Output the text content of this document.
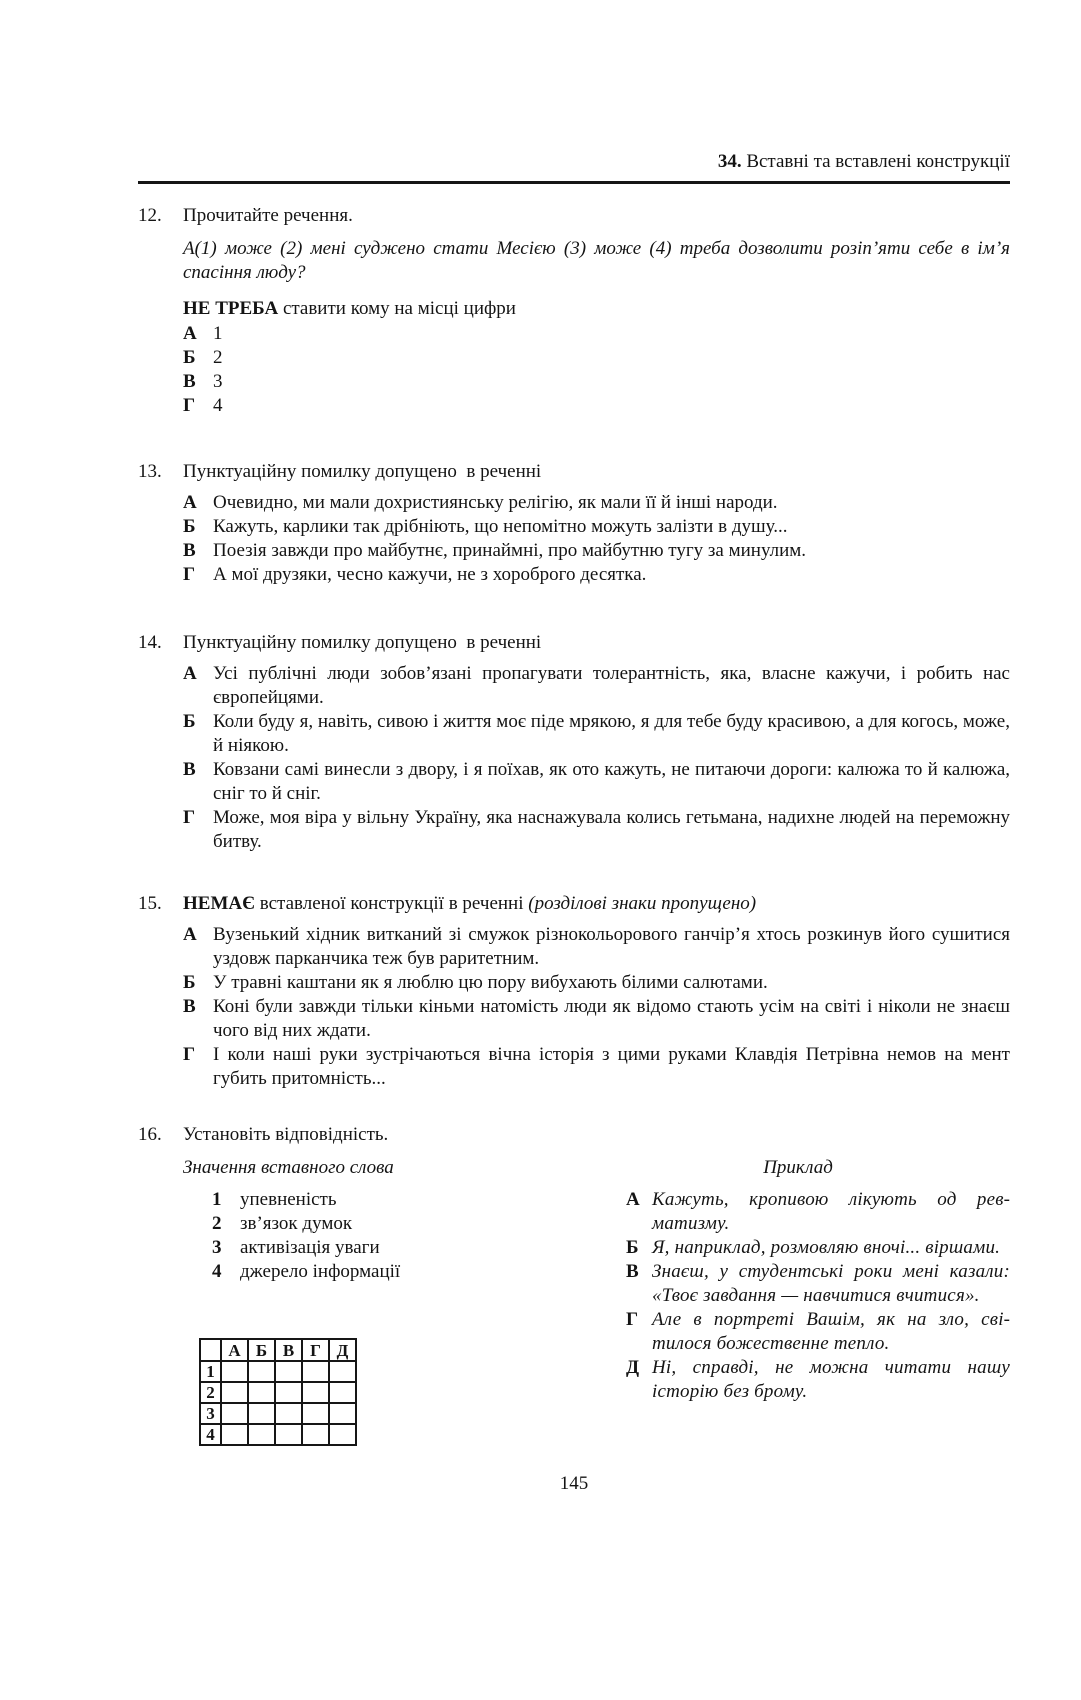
34. Вставні та вставлені конструкції
12.	Прочитайте речення.

А(1) може (2) мені суджено стати Месією (3) може (4) треба дозволити розіп’яти себе в ім’я спасіння люду?

НЕ ТРЕБА ставити кому на місці цифри

А 1
Б 2
В 3
Г 4
13.	Пунктуаційну помилку допущено  в реченні
А Очевидно, ми мали дохристиянську релігію, як мали її й інші народи.
Б Кажуть, карлики так дрібніють, що непомітно можуть залізти в душу...
В Поезія завжди про майбутнє, принаймні, про майбутню тугу за минулим.
Г А мої друзяки, чесно кажучи, не з хороброго десятка.
14.	Пунктуаційну помилку допущено  в реченні
А Усі публічні люди зобов’язані пропагувати толерантність, яка, власне кажучи, і робить нас європейцями.
Б Коли буду я, навіть, сивою і життя моє піде мрякою, я для тебе буду красивою, а для когось, може, й ніякою.
В Ковзани самі винесли з двору, і я поїхав, як ото кажуть, не питаючи дороги: калюжа то й калюжа, сніг то й сніг.
Г Може, моя віра у вільну Україну, яка наснажувала колись гетьмана, надихне людей на переможну битву.
15.	НЕМАЄ вставленої конструкції в реченні (розділові знаки пропущено)
А Вузенький хідник витканий зі смужок різнокольорового ганчір’я хтось розкинув його сушитися уздовж парканчика теж був раритетним.
Б У травні каштани як я люблю цю пору вибухають білими салютами.
В Коні були завжди тільки кіньми натомість люди як відомо стають усім на світі і ніколи не знаєш чого від них ждати.
Г І коли наші руки зустрічаються вічна історія з цими руками Клавдія Петрівна немов на мент губить притомність...
16.	Установіть відповідність.
Значення вставного слова
1 упевненість
2 зв’язок думок
3 активізація уваги
4 джерело інформації
	А	Б	В	Г	Д
1					
2					
3					
4					
Приклад
А Кажуть, кропивою лікують од ревматизму.
Б Я, наприклад, розмовляю вночі... віршами.
В Знаєш, у студентські роки мені казали: «Твоє завдання — навчитися вчитися».
Г Але в портреті Вашім, як на зло, світилося божественне тепло.
Д Ні, справді, не можна читати нашу історію без брому.
145
